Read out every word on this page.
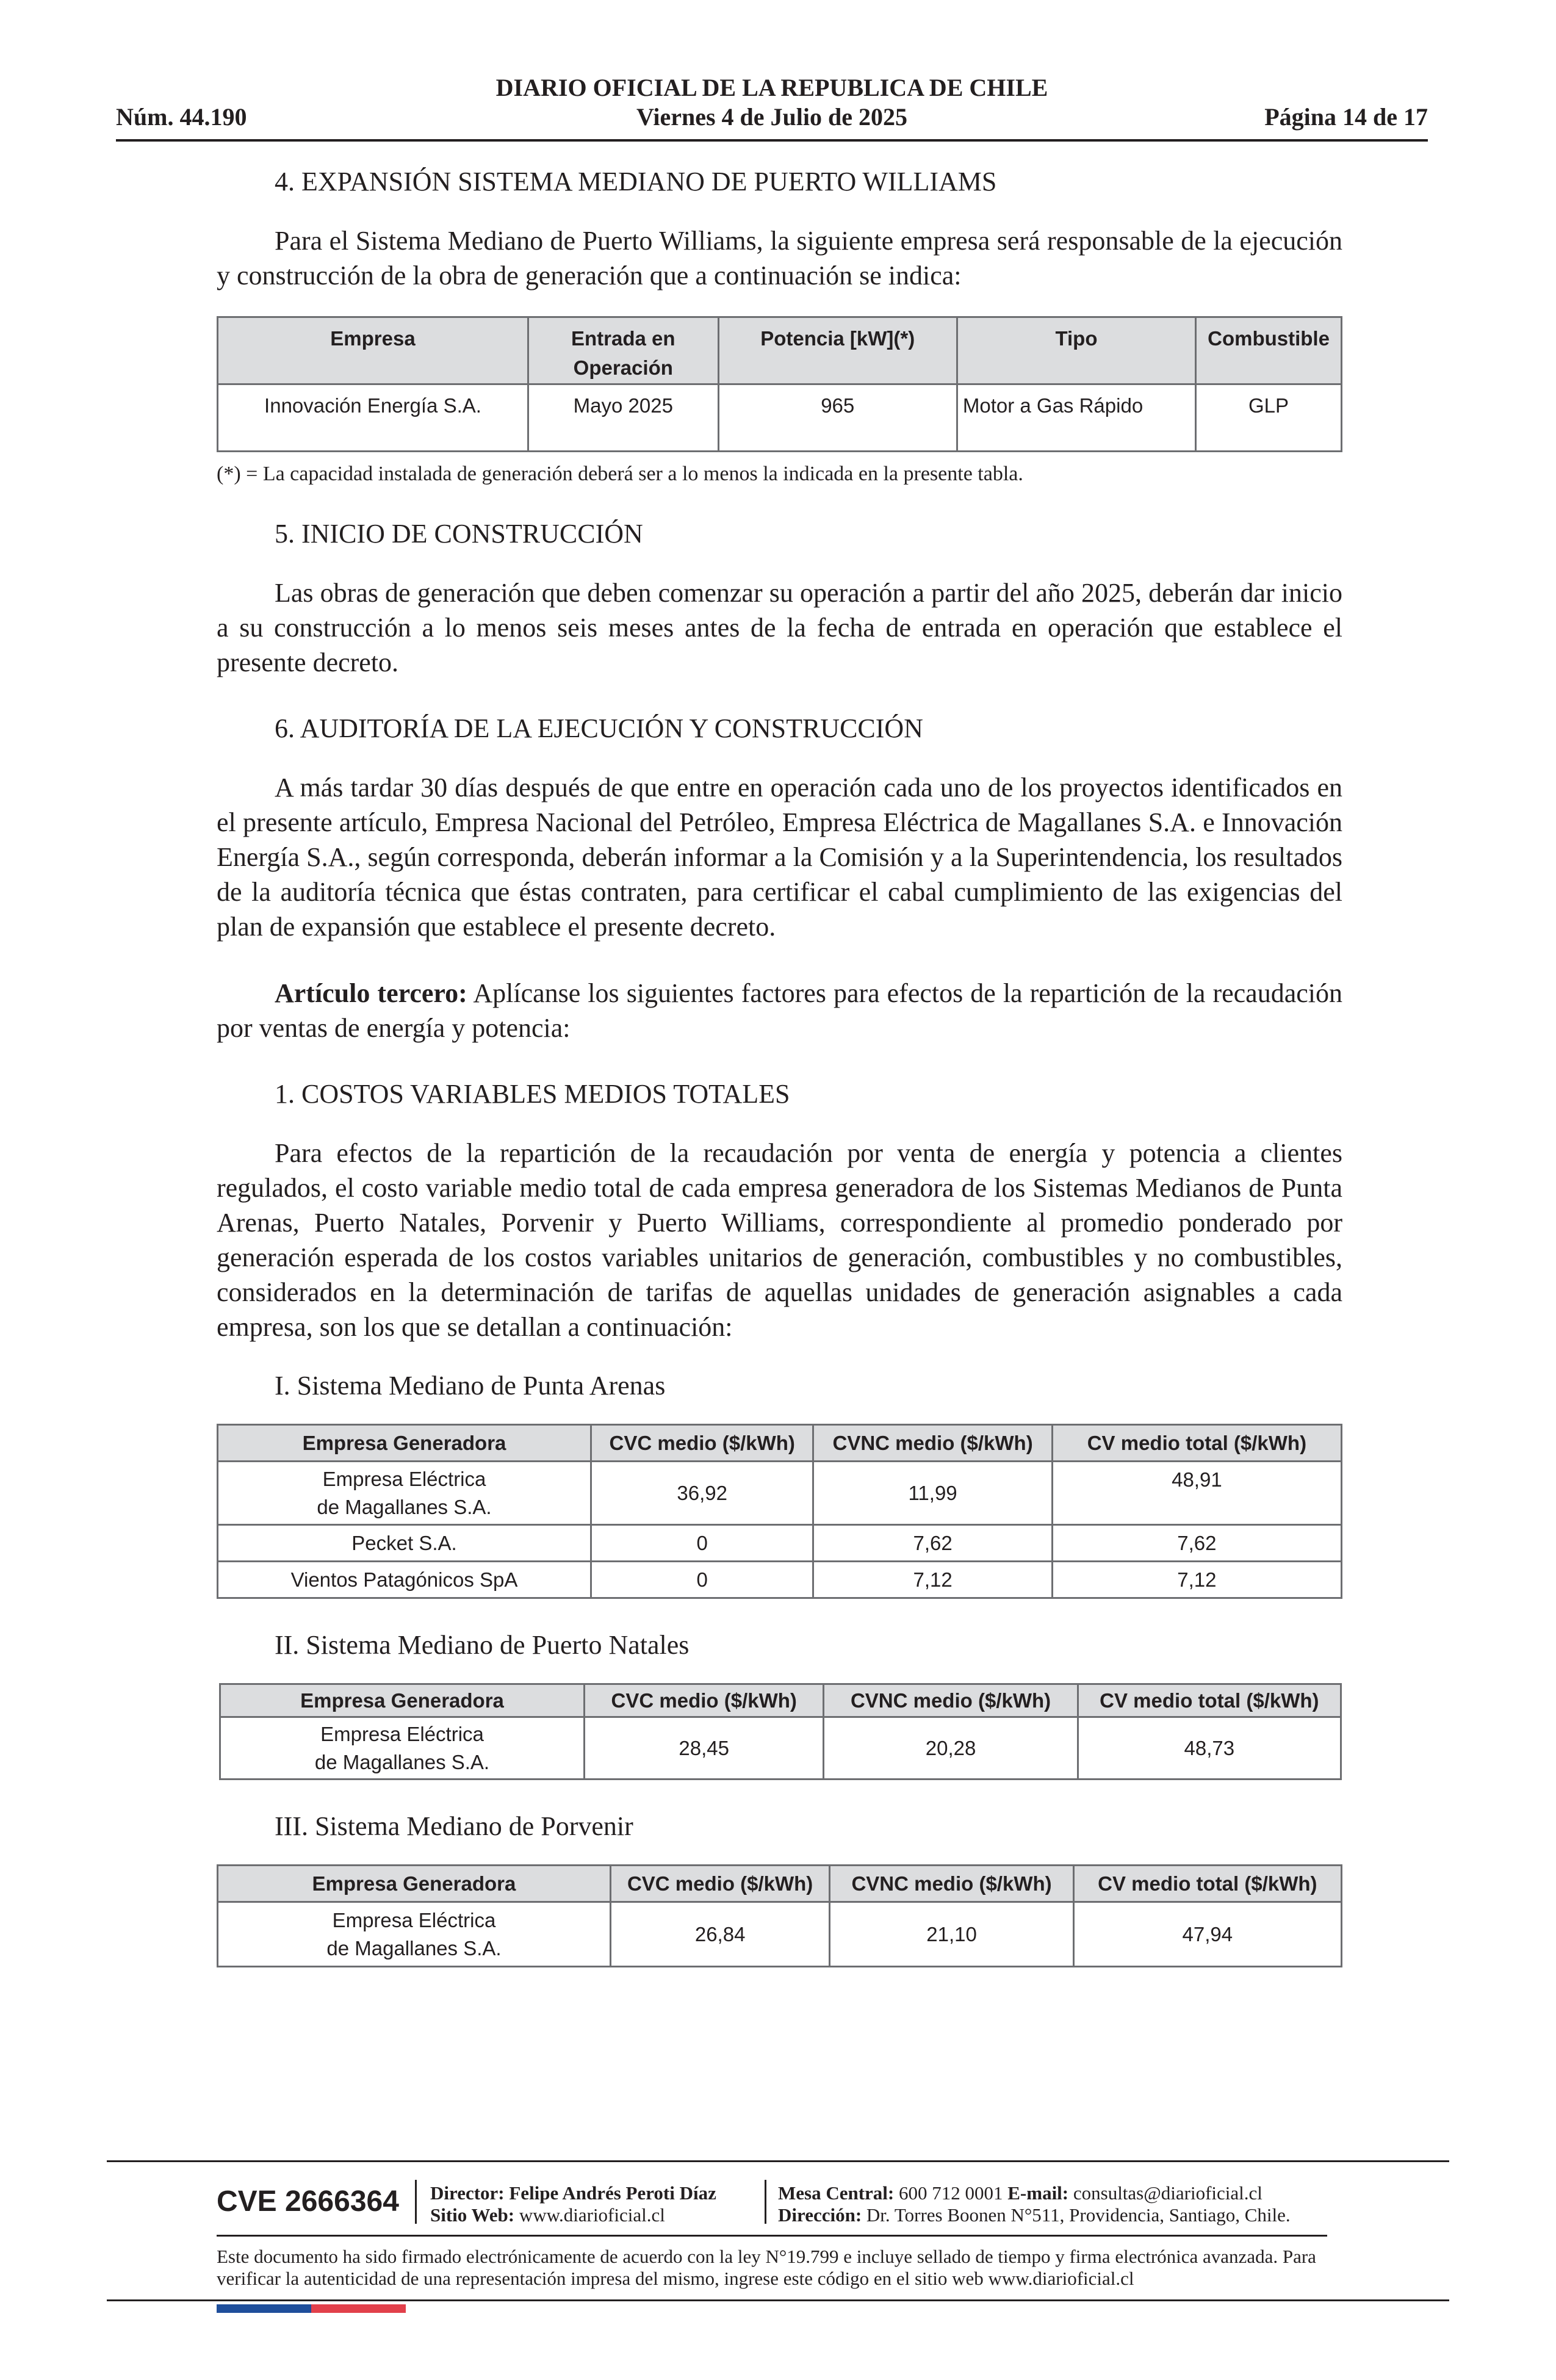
DIARIO OFICIAL DE LA REPUBLICA DE CHILE
Núm. 44.190	Viernes 4 de Julio de 2025	Página 14 de 17
4. EXPANSIÓN SISTEMA MEDIANO DE PUERTO WILLIAMS

Para el Sistema Mediano de Puerto Williams, la siguiente empresa será responsable de la ejecución y construcción de la obra de generación que a continuación se indica:

Empresa	Entrada en Operación	Potencia [kW](*)	Tipo	Combustible
Innovación Energía S.A.	Mayo 2025	965	Motor a Gas Rápido	GLP
(*) = La capacidad instalada de generación deberá ser a lo menos la indicada en la presente tabla.
5. INICIO DE CONSTRUCCIÓN

Las obras de generación que deben comenzar su operación a partir del año 2025, deberán dar inicio a su construcción a lo menos seis meses antes de la fecha de entrada en operación que establece el presente decreto.

6. AUDITORÍA DE LA EJECUCIÓN Y CONSTRUCCIÓN

A más tardar 30 días después de que entre en operación cada uno de los proyectos identificados en el presente artículo, Empresa Nacional del Petróleo, Empresa Eléctrica de Magallanes S.A. e Innovación Energía S.A., según corresponda, deberán informar a la Comisión y a la Superintendencia, los resultados de la auditoría técnica que éstas contraten, para certificar el cabal cumplimiento de las exigencias del plan de expansión que establece el presente decreto.

Artículo tercero: Aplícanse los siguientes factores para efectos de la repartición de la recaudación por ventas de energía y potencia:

1. COSTOS VARIABLES MEDIOS TOTALES

Para efectos de la repartición de la recaudación por venta de energía y potencia a clientes regulados, el costo variable medio total de cada empresa generadora de los Sistemas Medianos de Punta Arenas, Puerto Natales, Porvenir y Puerto Williams, correspondiente al promedio ponderado por generación esperada de los costos variables unitarios de generación, combustibles y no combustibles, considerados en la determinación de tarifas de aquellas unidades de generación asignables a cada empresa, son los que se detallan a continuación:

I. Sistema Mediano de Punta Arenas
Empresa Generadora	CVC medio ($/kWh)	CVNC medio ($/kWh)	CV medio total ($/kWh)
Empresa Eléctrica
de Magallanes S.A.	36,92	11,99	48,91
Pecket S.A.	0	7,62	7,62
Vientos Patagónicos SpA	0	7,12	7,12
II. Sistema Mediano de Puerto Natales
Empresa Generadora	CVC medio ($/kWh)	CVNC medio ($/kWh)	CV medio total ($/kWh)
Empresa Eléctrica
de Magallanes S.A.	28,45	20,28	48,73
III. Sistema Mediano de Porvenir
Empresa Generadora	CVC medio ($/kWh)	CVNC medio ($/kWh)	CV medio total ($/kWh)
Empresa Eléctrica
de Magallanes S.A.	26,84	21,10	47,94
CVE 2666364 Director: Felipe Andrés Peroti Díaz
Sitio Web: www.diarioficial.cl
Mesa Central: 600 712 0001 E-mail: consultas@diarioficial.cl
Dirección: Dr. Torres Boonen N°511, Providencia, Santiago, Chile.
Este documento ha sido firmado electrónicamente de acuerdo con la ley N°19.799 e incluye sellado de tiempo y firma electrónica avanzada. Para verificar la autenticidad de una representación impresa del mismo, ingrese este código en el sitio web www.diarioficial.cl
